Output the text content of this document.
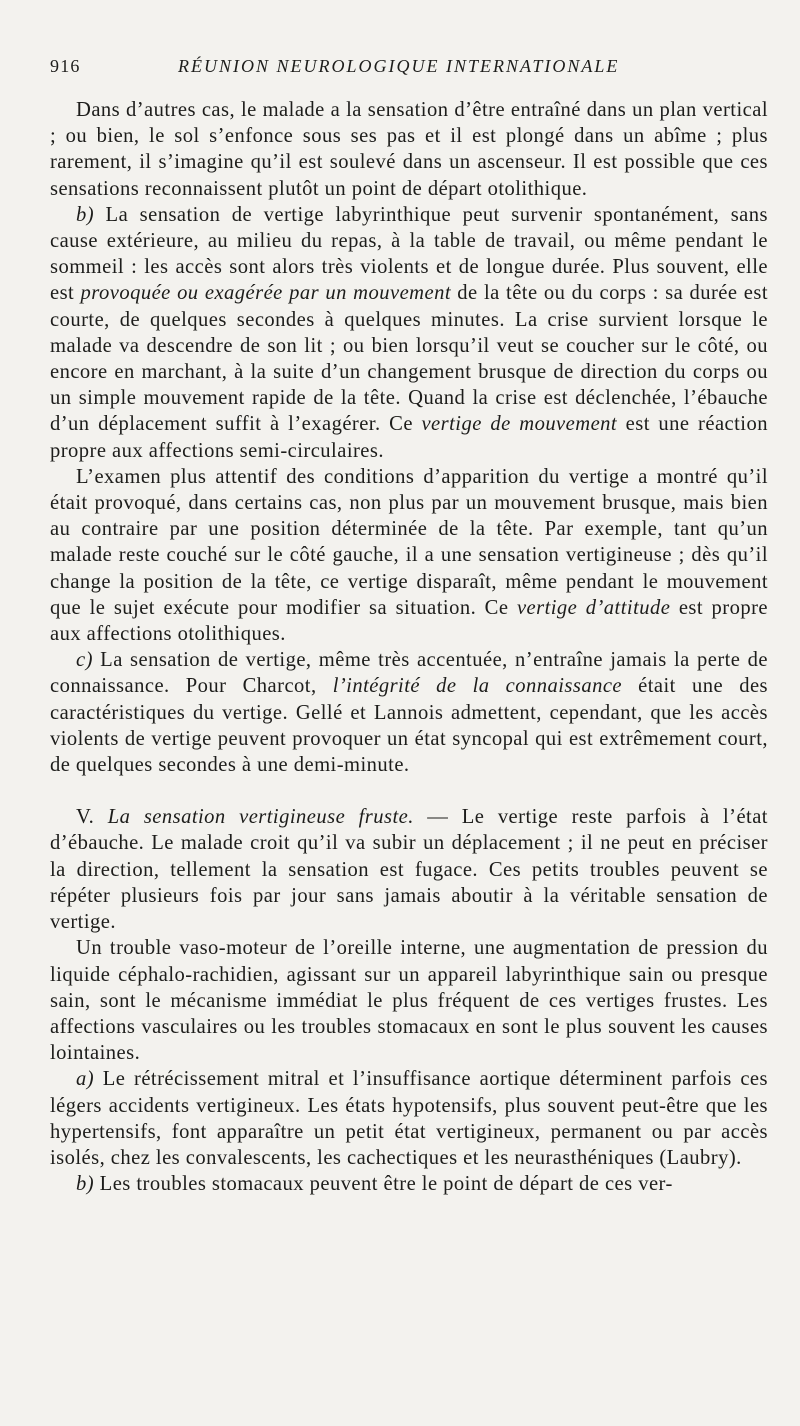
916	RÉUNION NEUROLOGIQUE INTERNATIONALE

Dans d’autres cas, le malade a la sensation d’être entraîné dans un plan vertical ; ou bien, le sol s’enfonce sous ses pas et il est plongé dans un abîme ; plus rarement, il s’imagine qu’il est soulevé dans un ascenseur. Il est possible que ces sensations reconnaissent plutôt un point de départ otolithique.

b) La sensation de vertige labyrinthique peut survenir spontanément, sans cause extérieure, au milieu du repas, à la table de travail, ou même pendant le sommeil : les accès sont alors très violents et de longue durée. Plus souvent, elle est provoquée ou exagérée par un mouvement de la tête ou du corps : sa durée est courte, de quelques secondes à quelques minutes. La crise survient lorsque le malade va descendre de son lit ; ou bien lorsqu’il veut se coucher sur le côté, ou encore en marchant, à la suite d’un changement brusque de direction du corps ou un simple mouvement rapide de la tête. Quand la crise est déclenchée, l’ébauche d’un déplacement suffit à l’exagérer. Ce vertige de mouvement est une réaction propre aux affections semi-circulaires.

L’examen plus attentif des conditions d’apparition du vertige a montré qu’il était provoqué, dans certains cas, non plus par un mouvement brusque, mais bien au contraire par une position déterminée de la tête. Par exemple, tant qu’un malade reste couché sur le côté gauche, il a une sensation vertigineuse ; dès qu’il change la position de la tête, ce vertige disparaît, même pendant le mouvement que le sujet exécute pour modifier sa situation. Ce vertige d’attitude est propre aux affections otolithiques.

c) La sensation de vertige, même très accentuée, n’entraîne jamais la perte de connaissance. Pour Charcot, l’intégrité de la connaissance était une des caractéristiques du vertige. Gellé et Lannois admettent, cependant, que les accès violents de vertige peuvent provoquer un état syncopal qui est extrêmement court, de quelques secondes à une demi-minute.

V. La sensation vertigineuse fruste. — Le vertige reste parfois à l’état d’ébauche. Le malade croit qu’il va subir un déplacement ; il ne peut en préciser la direction, tellement la sensation est fugace. Ces petits troubles peuvent se répéter plusieurs fois par jour sans jamais aboutir à la véritable sensation de vertige.

Un trouble vaso-moteur de l’oreille interne, une augmentation de pression du liquide céphalo-rachidien, agissant sur un appareil labyrinthique sain ou presque sain, sont le mécanisme immédiat le plus fréquent de ces vertiges frustes. Les affections vasculaires ou les troubles stomacaux en sont le plus souvent les causes lointaines.

a) Le rétrécissement mitral et l’insuffisance aortique déterminent parfois ces légers accidents vertigineux. Les états hypotensifs, plus souvent peut-être que les hypertensifs, font apparaître un petit état vertigineux, permanent ou par accès isolés, chez les convalescents, les cachectiques et les neurasthéniques (Laubry).

b) Les troubles stomacaux peuvent être le point de départ de ces ver-
